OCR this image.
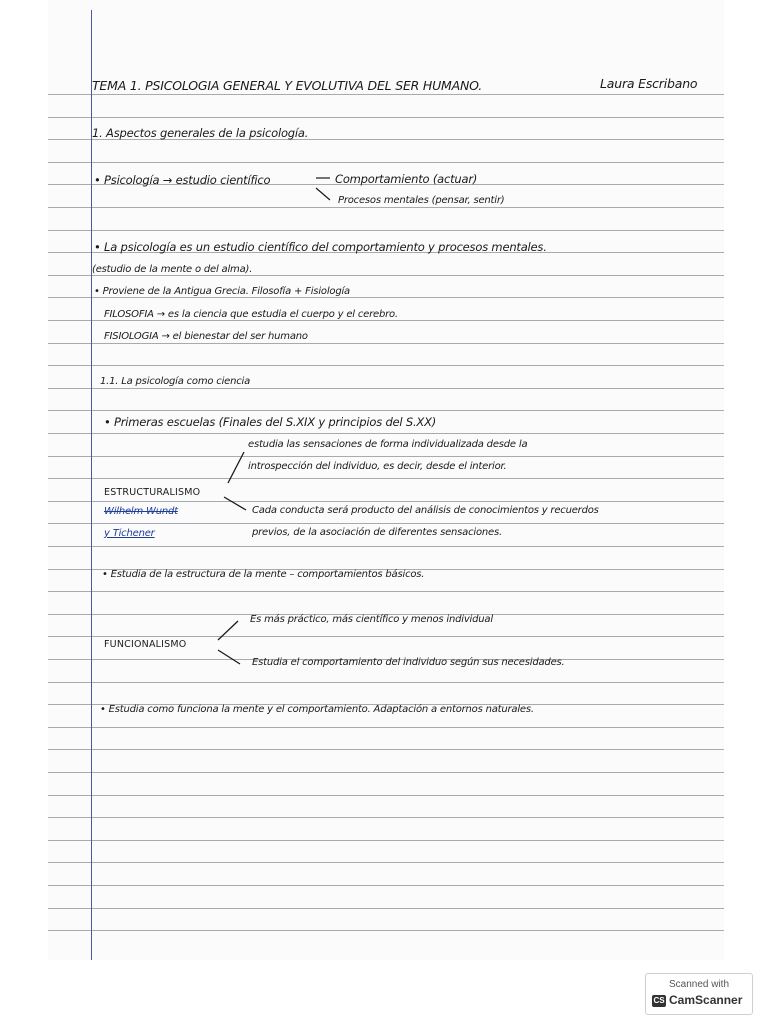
TEMA 1. PSICOLOGIA GENERAL Y EVOLUTIVA DEL SER HUMANO.	Laura Escribano
1. Aspectos generales de la psicología.
• Psicología → estudio científico	Comportamiento (actuar)
Procesos mentales (pensar, sentir)
• La psicología es un estudio científico del comportamiento y procesos mentales.
(estudio de la mente o del alma).
• Proviene de la Antigua Grecia. Filosofía + Fisiología
FILOSOFIA → es la ciencia que estudia el cuerpo y el cerebro.
FISIOLOGIA → el bienestar del ser humano
1.1. La psicología como ciencia
• Primeras escuelas (Finales del S.XIX y principios del S.XX)
estudia las sensaciones de forma individualizada desde la
introspección del individuo, es decir, desde el interior.
ESTRUCTURALISMO
Wilhelm Wundt	Cada conducta será producto del análisis de conocimientos y recuerdos
y Tichener	previos, de la asociación de diferentes sensaciones.
• Estudia de la estructura de la mente – comportamientos básicos.
Es más práctico, más científico y menos individual
FUNCIONALISMO
Estudia el comportamiento del individuo según sus necesidades.
• Estudia como funciona la mente y el comportamiento. Adaptación a entornos naturales.
Scanned with
CS CamScanner
